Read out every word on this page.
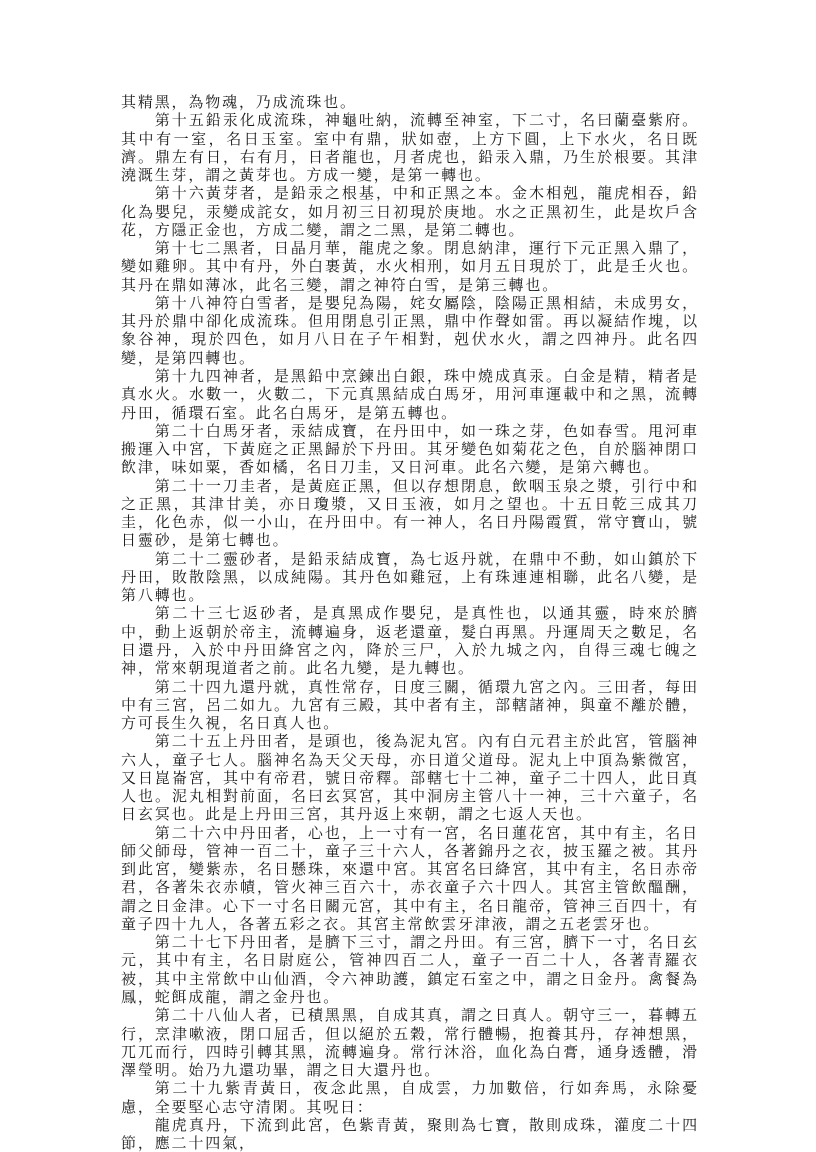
其精黑，為物魂，乃成流珠也。

第十五鉛汞化成流珠，神龜吐納，流轉至神室，下二寸，名曰蘭臺紫府。其中有一室，名日玉室。室中有鼎，狀如壺，上方下圓，上下水火，名日既濟。鼎左有日，右有月，日者龍也，月者虎也，鉛汞入鼎，乃生於根要。其津澆溉生芽，謂之黃芽也。方成一變，是第一轉也。

第十六黃芽者，是鉛汞之根基，中和正黑之本。金木相剋，龍虎相吞，鉛化為嬰兒，汞變成詫女，如月初三日初現於庚地。水之正黑初生，此是坎戶含花，方隱正金也，方成二變，謂之二黑，是第二轉也。

第十七二黑者，日晶月華，龍虎之象。閉息納津，運行下元正黑入鼎了，變如雞卵。其中有丹，外白裹黃，水火相刑，如月五日現於丁，此是壬火也。其丹在鼎如薄冰，此名三變，謂之神符白雪，是第三轉也。

第十八神符白雪者，是嬰兒為陽，姹女屬陰，陰陽正黑相結，未成男女，其丹於鼎中卻化成流珠。但用閉息引正黑，鼎中作聲如雷。再以凝結作塊，以象谷神，現於四色，如月八日在子午相對，剋伏水火，謂之四神丹。此名四變，是第四轉也。

第十九四神者，是黑鉛中烹鍊出白銀，珠中燒成真汞。白金是精，精者是真水火。水數一，火數二，下元真黑結成白馬牙，用河車運載中和之黑，流轉丹田，循環石室。此名白馬牙，是第五轉也。

第二十白馬牙者，汞結成寶，在丹田中，如一珠之芽，色如春雪。甩河車搬運入中宮，下黃庭之正黑歸於下丹田。其牙變色如菊花之色，自於腦神閉口飲津，味如粟，香如橘，名日刀圭，又日河車。此名六變，是第六轉也。

第二十一刀圭者，是黃庭正黑，但以存想閉息，飲咽玉泉之漿，引行中和之正黑，其津甘美，亦日瓊漿，又日玉液，如月之望也。十五日乾三成其刀圭，化色赤，似一小山，在丹田中。有一神人，名日丹陽霞質，常守寶山，號日靈砂，是第七轉也。

第二十二靈砂者，是鉛汞結成寶，為七返丹就，在鼎中不動，如山鎮於下丹田，敗散陰黑，以成純陽。其丹色如雞冠，上有珠連連相聯，此名八變，是第八轉也。

第二十三七返砂者，是真黑成作嬰兒，是真性也，以通其靈，時來於臍中，動上返朝於帝主，流轉遍身，返老還童，髮白再黑。丹運周天之數足，名日還丹，入於中丹田絳宮之內，降於三尸，入於九城之內，自得三魂七魄之神，常來朝現道者之前。此名九變，是九轉也。

第二十四九還丹就，真性常存，日度三關，循環九宮之內。三田者，每田中有三宮，呂二如九。九宮有三殿，其中者有主，部轄諸神，與童不離於體，方可長生久視，名日真人也。

第二十五上丹田者，是頭也，後為泥丸宮。內有白元君主於此宮，管腦神六人，童子七人。腦神名為天父天母，亦日道父道母。泥丸上中頂為紫微宮，又日崑崙宮，其中有帝君，號日帝釋。部轄七十二神，童子二十四人，此日真人也。泥丸相對前面，名曰玄冥宮，其中洞房主管八十一神，三十六童子，名日玄冥也。此是上丹田三宮，其丹返上來朝，謂之七返人天也。

第二十六中丹田者，心也，上一寸有一宮，名日蓮花宮，其中有主，名日師父師母，管神一百二十，童子三十六人，各著錦丹之衣，披玉羅之被。其丹到此宮，變紫赤，名日懸珠，來還中宮。其宮名曰絳宮，其中有主，名日赤帝君，各著朱衣赤幘，管火神三百六十，赤衣童子六十四人。其宮主管飲醞酬，謂之日金津。心下一寸名日關元宮，其中有主，名日龍帝，管神三百四十，有童子四十九人，各著五彩之衣。其宮主常飲雲牙津液，謂之五老雲牙也。

第二十七下丹田者，是臍下三寸，謂之丹田。有三宮，臍下一寸，名日玄元，其中有主，名日尉庭公，管神四百二人，童子一百二十人，各著青羅衣被，其中主常飲中山仙酒，令六神助護，鎮定石室之中，謂之日金丹。禽餐為鳳，蛇餌成龍，謂之金丹也。

第二十八仙人者，已積黑黑，自成其真，謂之日真人。朝守三一，暮轉五行，烹津嗽液，閉口屈舌，但以絕於五穀，常行體暢，抱養其丹，存神想黑，兀兀而行，四時引轉其黑，流轉遍身。常行沐浴，血化為白膏，通身透體，滑澤瑩明。始乃九還功畢，謂之日大還丹也。

第二十九紫青黃日，夜念此黑，自成雲，力加數倍，行如奔馬，永除憂慮，全要堅心志守清閑。其呪日：

龍虎真丹，下流到此宮，色紫青黃，聚則為七寶，散則成珠，灌度二十四節，應二十四氣，
